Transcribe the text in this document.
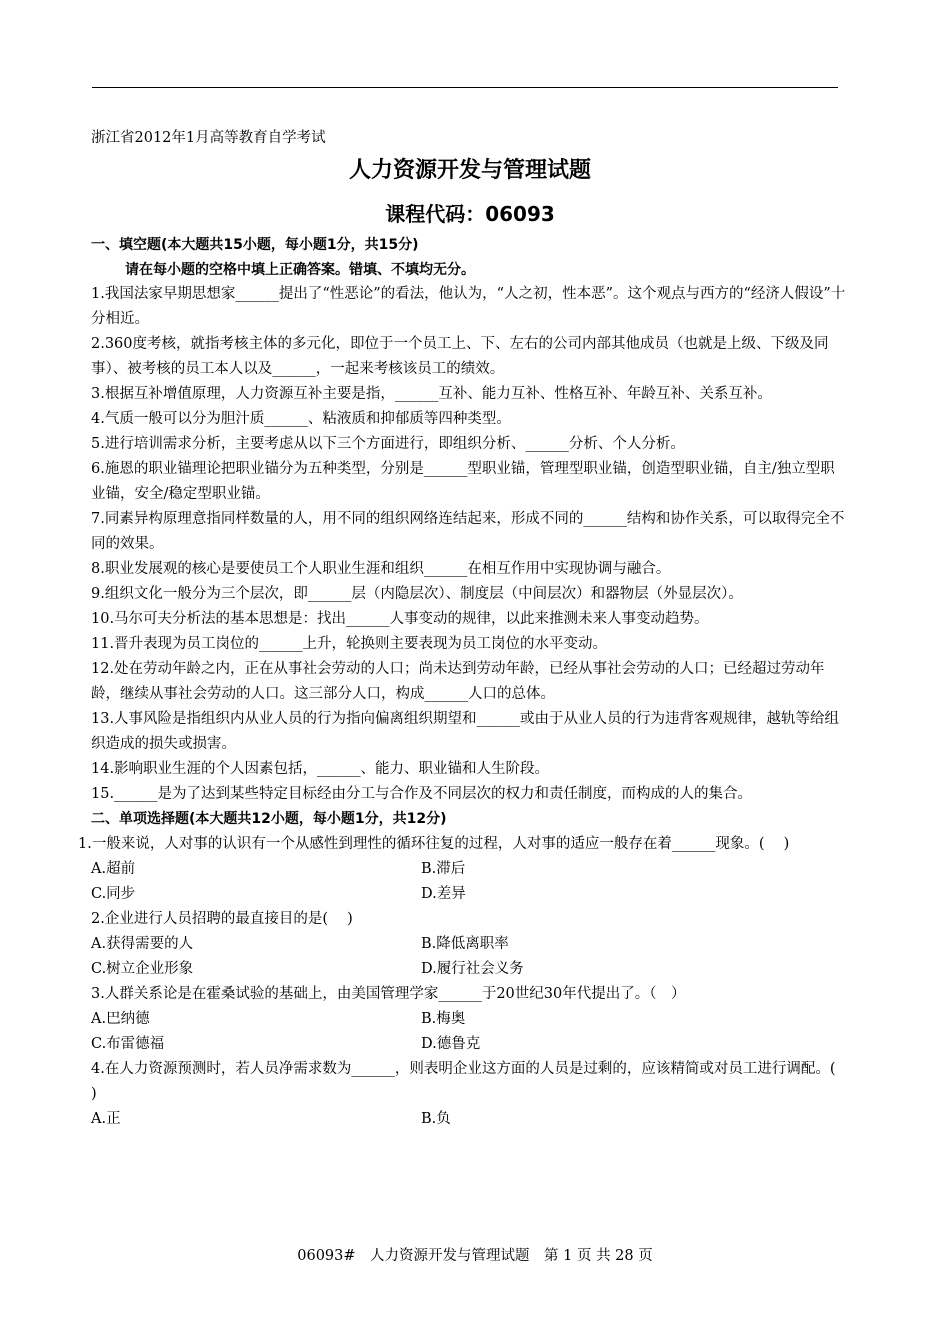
浙江省2012年1月高等教育自学考试

人力资源开发与管理试题
课程代码：06093

一、填空题(本大题共15小题，每小题1分，共15分)

请在每小题的空格中填上正确答案。错填、不填均无分。

1.我国法家早期思想家______提出了“性恶论”的看法，他认为，“人之初，性本恶”。这个观点与西方的“经济人假设”十分相近。

2.360度考核，就指考核主体的多元化，即位于一个员工上、下、左右的公司内部其他成员（也就是上级、下级及同事）、被考核的员工本人以及______，一起来考核该员工的绩效。

3.根据互补增值原理，人力资源互补主要是指，______互补、能力互补、性格互补、年龄互补、关系互补。

4.气质一般可以分为胆汁质______、粘液质和抑郁质等四种类型。

5.进行培训需求分析，主要考虑从以下三个方面进行，即组织分析、______分析、个人分析。

6.施恩的职业锚理论把职业锚分为五种类型，分别是______型职业锚，管理型职业锚，创造型职业锚，自主/独立型职业锚，安全/稳定型职业锚。

7.同素异构原理意指同样数量的人，用不同的组织网络连结起来，形成不同的______结构和协作关系，可以取得完全不同的效果。

8.职业发展观的核心是要使员工个人职业生涯和组织______在相互作用中实现协调与融合。

9.组织文化一般分为三个层次，即______层（内隐层次）、制度层（中间层次）和器物层（外显层次）。

10.马尔可夫分析法的基本思想是：找出______人事变动的规律，以此来推测未来人事变动趋势。

11.晋升表现为员工岗位的______上升，轮换则主要表现为员工岗位的水平变动。

12.处在劳动年龄之内，正在从事社会劳动的人口；尚未达到劳动年龄，已经从事社会劳动的人口；已经超过劳动年龄，继续从事社会劳动的人口。这三部分人口，构成______人口的总体。

13.人事风险是指组织内从业人员的行为指向偏离组织期望和______或由于从业人员的行为违背客观规律，越轨等给组织造成的损失或损害。

14.影响职业生涯的个人因素包括，______、能力、职业锚和人生阶段。

15.______是为了达到某些特定目标经由分工与合作及不同层次的权力和责任制度，而构成的人的集合。

二、单项选择题(本大题共12小题，每小题1分，共12分)

1.一般来说，人对事的认识有一个从感性到理性的循环往复的过程，人对事的适应一般存在着______现象。(　 )

A.超前	B.滞后
C.同步	D.差异

2.企业进行人员招聘的最直接目的是(　 )

A.获得需要的人	B.降低离职率
C.树立企业形象	D.履行社会义务

3.人群关系论是在霍桑试验的基础上，由美国管理学家______于20世纪30年代提出了。（　）

A.巴纳德	B.梅奥
C.布雷德福	D.德鲁克

4.在人力资源预测时，若人员净需求数为______，则表明企业这方面的人员是过剩的，应该精简或对员工进行调配。(　 )

A.正	B.负
06093#　人力资源开发与管理试题　第 1 页 共 28 页
